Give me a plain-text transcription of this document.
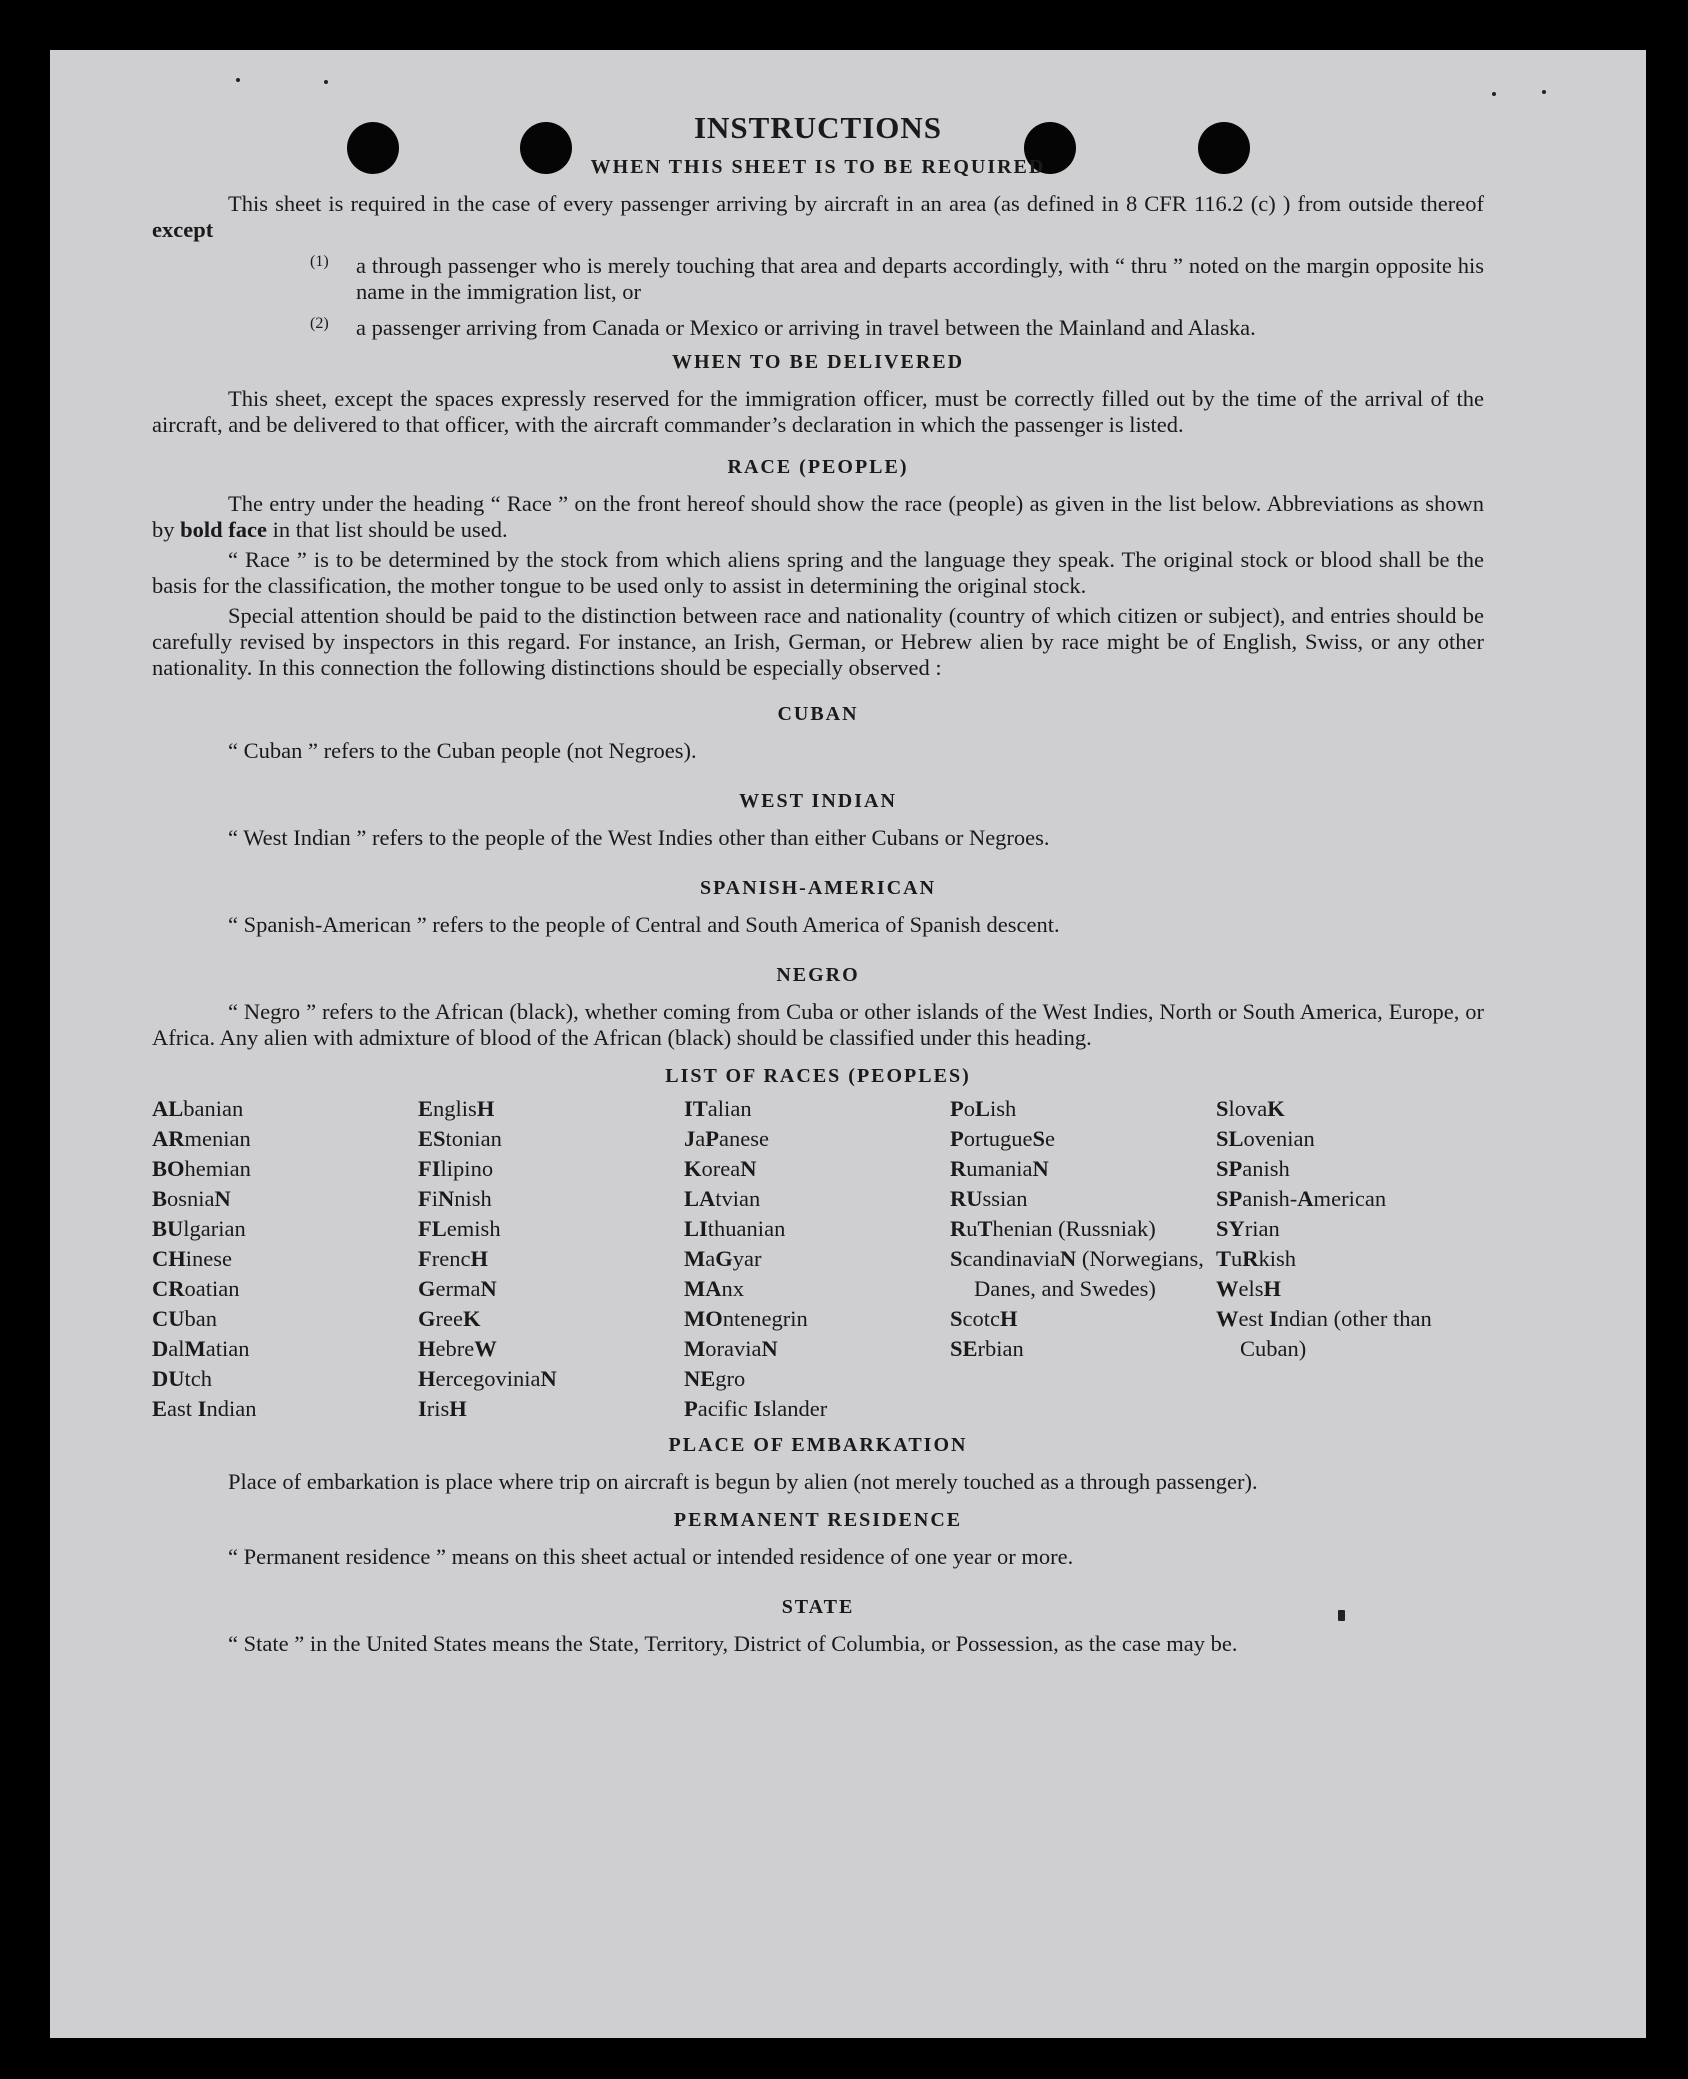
INSTRUCTIONS
WHEN THIS SHEET IS TO BE REQUIRED

This sheet is required in the case of every passenger arriving by aircraft in an area (as defined in 8 CFR 116.2 (c) ) from outside thereof except

(1)	a through passenger who is merely touching that area and departs accordingly, with “ thru ” noted on the margin opposite his name in the immigration list, or

(2)	a passenger arriving from Canada or Mexico or arriving in travel between the Mainland and Alaska.

WHEN TO BE DELIVERED

This sheet, except the spaces expressly reserved for the immigration officer, must be correctly filled out by the time of the arrival of the aircraft, and be delivered to that officer, with the aircraft commander’s declaration in which the passenger is listed.

RACE (PEOPLE)

The entry under the heading “ Race ” on the front hereof should show the race (people) as given in the list below. Abbreviations as shown by bold face in that list should be used.

“ Race ” is to be determined by the stock from which aliens spring and the language they speak. The original stock or blood shall be the basis for the classification, the mother tongue to be used only to assist in determining the original stock.

Special attention should be paid to the distinction between race and nationality (country of which citizen or subject), and entries should be carefully revised by inspectors in this regard. For instance, an Irish, German, or Hebrew alien by race might be of English, Swiss, or any other nationality. In this connection the following distinctions should be especially observed :

CUBAN

“ Cuban ” refers to the Cuban people (not Negroes).

WEST INDIAN

“ West Indian ” refers to the people of the West Indies other than either Cubans or Negroes.

SPANISH-AMERICAN

“ Spanish-American ” refers to the people of Central and South America of Spanish descent.

NEGRO

“ Negro ” refers to the African (black), whether coming from Cuba or other islands of the West Indies, North or South America, Europe, or Africa. Any alien with admixture of blood of the African (black) should be classified under this heading.

LIST OF RACES (PEOPLES)
ALbanian
ARmenian
BOhemian
BosniaN
BUlgarian
CHinese
CRoatian
CUban
DalMatian
DUtch
East Indian
EnglisH
EStonian
FIlipino
FiNnish
FLemish
FrencH
GermaN
GreeK
HebreW
HercegoviniaN
IrisH
ITalian
JaPanese
KoreaN
LAtvian
LIthuanian
MaGyar
MAnx
MOntenegrin
MoraviaN
NEgro
Pacific Islander
PoLish
PortugueSe
RumaniaN
RUssian
RuThenian (Russniak)
ScandinaviaN (Norwegians, Danes, and Swedes)
ScotcH
SErbian
SlovaK
SLovenian
SPanish
SPanish-American
SYrian
TuRkish
WelsH
West Indian (other than Cuban)
PLACE OF EMBARKATION

Place of embarkation is place where trip on aircraft is begun by alien (not merely touched as a through passenger).

PERMANENT RESIDENCE

“ Permanent residence ” means on this sheet actual or intended residence of one year or more.

STATE

“ State ” in the United States means the State, Territory, District of Columbia, or Possession, as the case may be.
